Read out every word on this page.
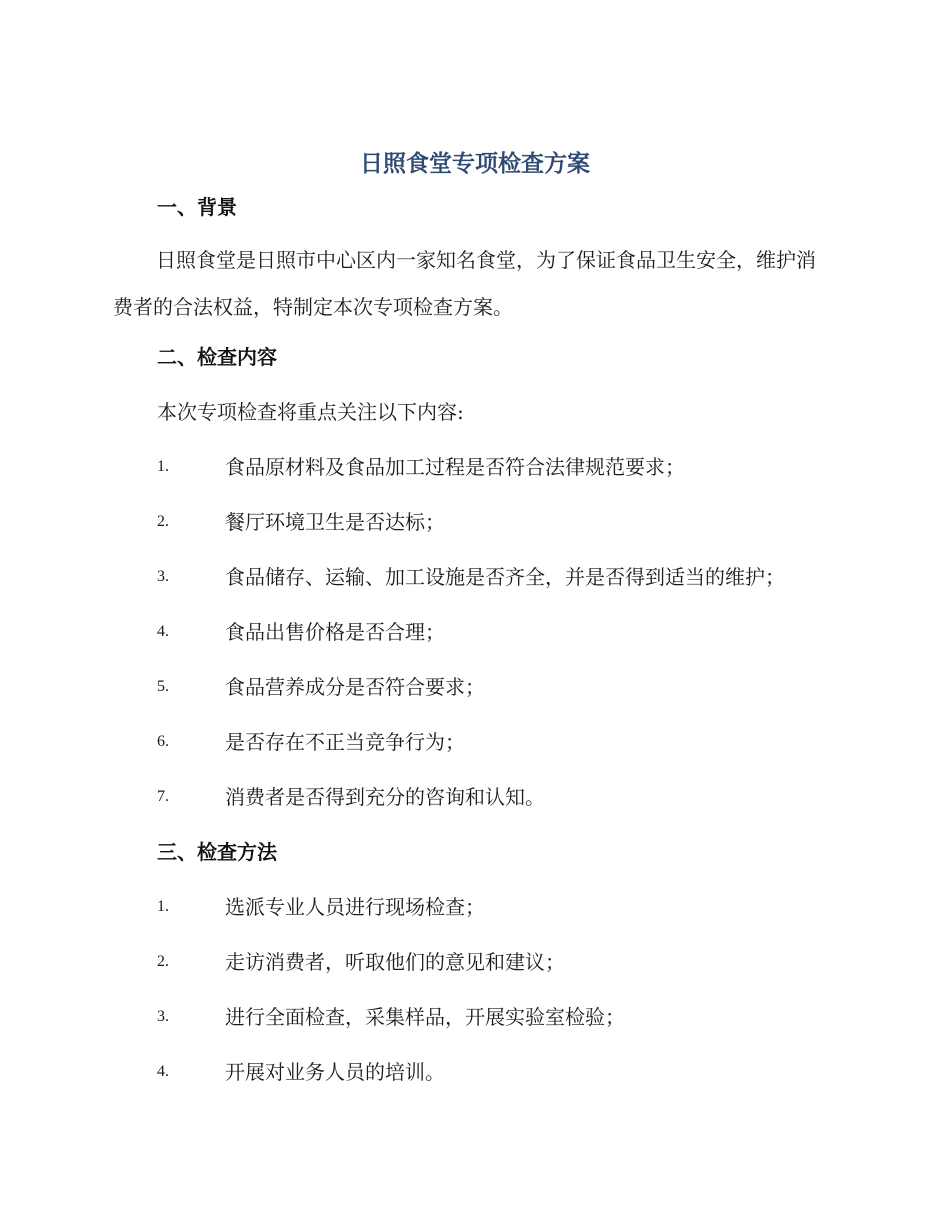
日照食堂专项检查方案
一、背景
日照食堂是日照市中心区内一家知名食堂，为了保证食品卫生安全，维护消费者的合法权益，特制定本次专项检查方案。
二、检查内容
本次专项检查将重点关注以下内容:
1.	食品原材料及食品加工过程是否符合法律规范要求；
2.	餐厅环境卫生是否达标；
3.	食品储存、运输、加工设施是否齐全，并是否得到适当的维护；
4.	食品出售价格是否合理；
5.	食品营养成分是否符合要求；
6.	是否存在不正当竞争行为；
7.	消费者是否得到充分的咨询和认知。
三、检查方法
1.	选派专业人员进行现场检查；
2.	走访消费者，听取他们的意见和建议；
3.	进行全面检查，采集样品，开展实验室检验；
4.	开展对业务人员的培训。
